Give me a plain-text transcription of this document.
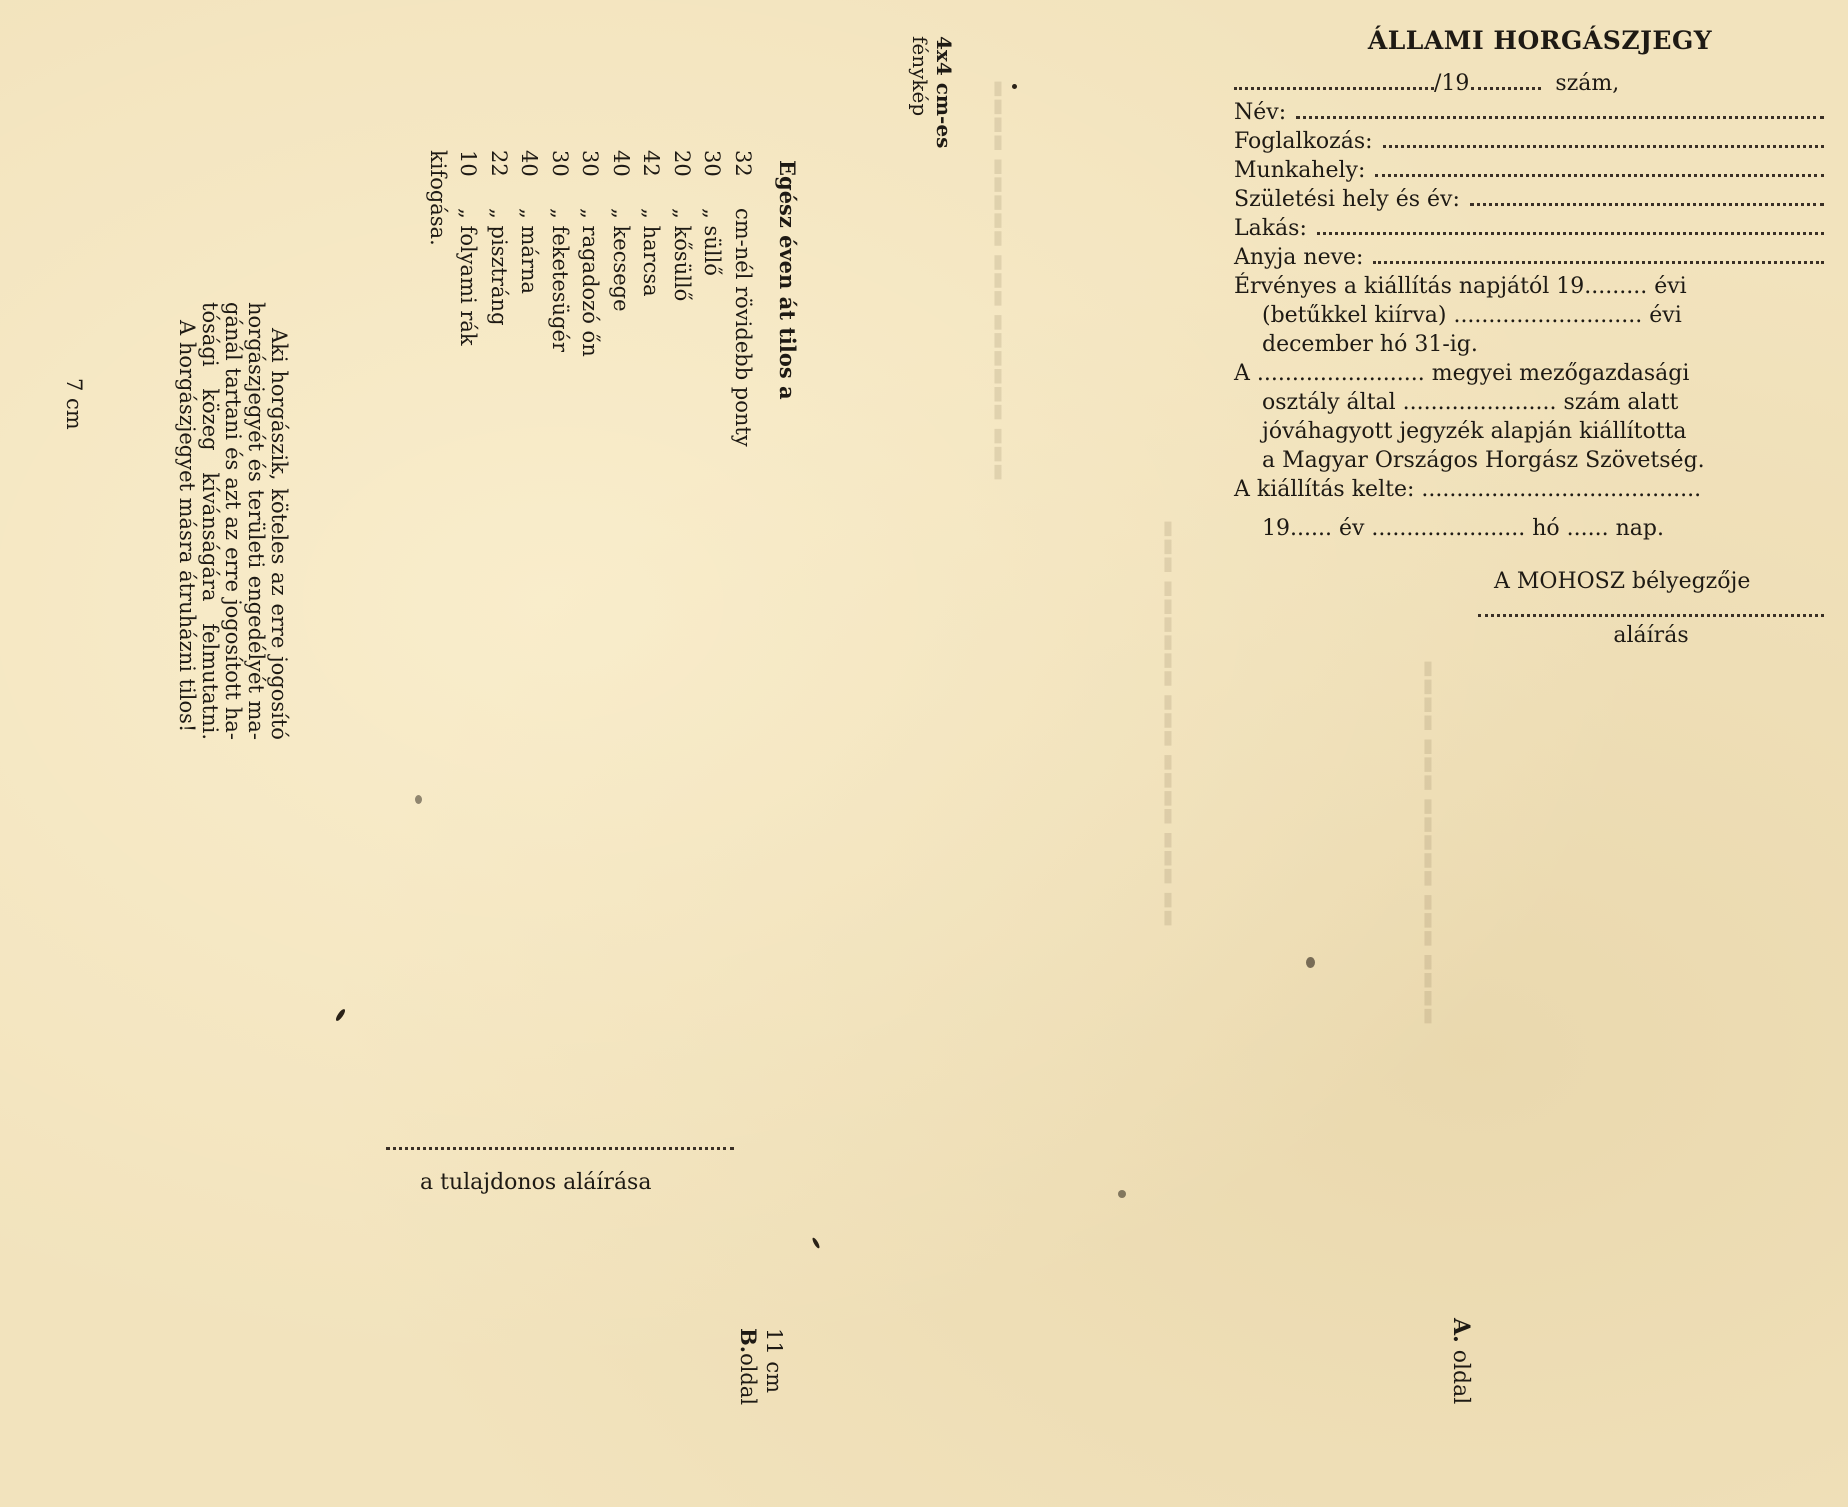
▬▬▬▬ ▬▬▬ ▬▬▬▬▬ ▬▬▬ ▬▬▬▬
▬▬▬ ▬▬▬▬▬▬ ▬▬▬ ▬▬▬▬ ▬▬▬ ▬▬
▬▬▬▬ ▬▬▬▬▬ ▬▬▬ ▬▬▬▬▬▬ ▬▬▬
ÁLLAMI HORGÁSZJEGY
/19	szám,
Név:
Foglalkozás:
Munkahely:
Születési hely és év:
Lakás:
Anyja neve:
Érvényes a kiállítás napjától 19......... évi
(betűkkel kiírva) ........................... évi
december hó 31-ig.
A ........................ megyei mezőgazdasági
osztály által ...................... szám alatt
jóváhagyott jegyzék alapján kiállította
a Magyar Országos Horgász Szövetség.
A kiállítás kelte: ........................................
19...... év ...................... hó ...... nap.
A MOHOSZ bélyegzője
aláírás
A. oldal
4x4 cm-es
fénykép
Egész éven át tilos a
32
cm-nél rövidebb ponty
30
„ süllő
20
„ kősüllő
42
„ harcsa
40
„ kecsege
30
„ ragadozó őn
30
„ feketesügér
40
„ márna
22
„ pisztráng
10
„ folyami rák
kifogása.
Aki
horgászik,
köteles
az
erre
jogosító
horgászjegyét
és
területi
engedélyét
ma-
gánál
tartani
és
azt
az
erre
jogosított
ha-
tósági
közeg
kívánságára
felmutatni.
A horgászjegyet másra átruházni tilos!
a tulajdonos aláírása
7 cm
11 cm
B.oldal
